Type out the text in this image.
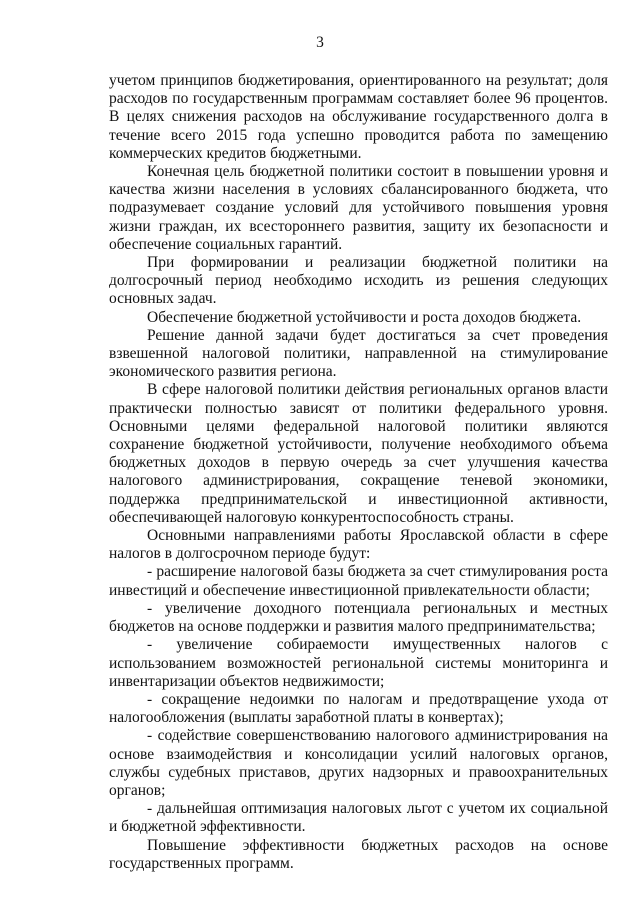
3

учетом принципов бюджетирования, ориентированного на результат; доля расходов по государственным программам составляет более 96 процентов. В целях снижения расходов на обслуживание государственного долга в течение всего 2015 года успешно проводится работа по замещению коммерческих кредитов бюджетными.

Конечная цель бюджетной политики состоит в повышении уровня и качества жизни населения в условиях сбалансированного бюджета, что подразумевает создание условий для устойчивого повышения уровня жизни граждан, их всестороннего развития, защиту их безопасности и обеспечение социальных гарантий.

При формировании и реализации бюджетной политики на долгосрочный период необходимо исходить из решения следующих основных задач.

Обеспечение бюджетной устойчивости и роста доходов бюджета.

Решение данной задачи будет достигаться за счет проведения взвешенной налоговой политики, направленной на стимулирование экономического развития региона.

В сфере налоговой политики действия региональных органов власти практически полностью зависят от политики федерального уровня. Основными целями федеральной налоговой политики являются сохранение бюджетной устойчивости, получение необходимого объема бюджетных доходов в первую очередь за счет улучшения качества налогового администрирования, сокращение теневой экономики, поддержка предпринимательской и инвестиционной активности, обеспечивающей налоговую конкурентоспособность страны.

Основными направлениями работы Ярославской области в сфере налогов в долгосрочном периоде будут:

- расширение налоговой базы бюджета за счет стимулирования роста инвестиций и обеспечение инвестиционной привлекательности области;

- увеличение доходного потенциала региональных и местных бюджетов на основе поддержки и развития малого предпринимательства;

- увеличение собираемости имущественных налогов с использованием возможностей региональной системы мониторинга и инвентаризации объектов недвижимости;

- сокращение недоимки по налогам и предотвращение ухода от налогообложения (выплаты заработной платы в конвертах);

- содействие совершенствованию налогового администрирования на основе взаимодействия и консолидации усилий налоговых органов, службы судебных приставов, других надзорных и правоохранительных органов;

- дальнейшая оптимизация налоговых льгот с учетом их социальной и бюджетной эффективности.

Повышение эффективности бюджетных расходов на основе государственных программ.
